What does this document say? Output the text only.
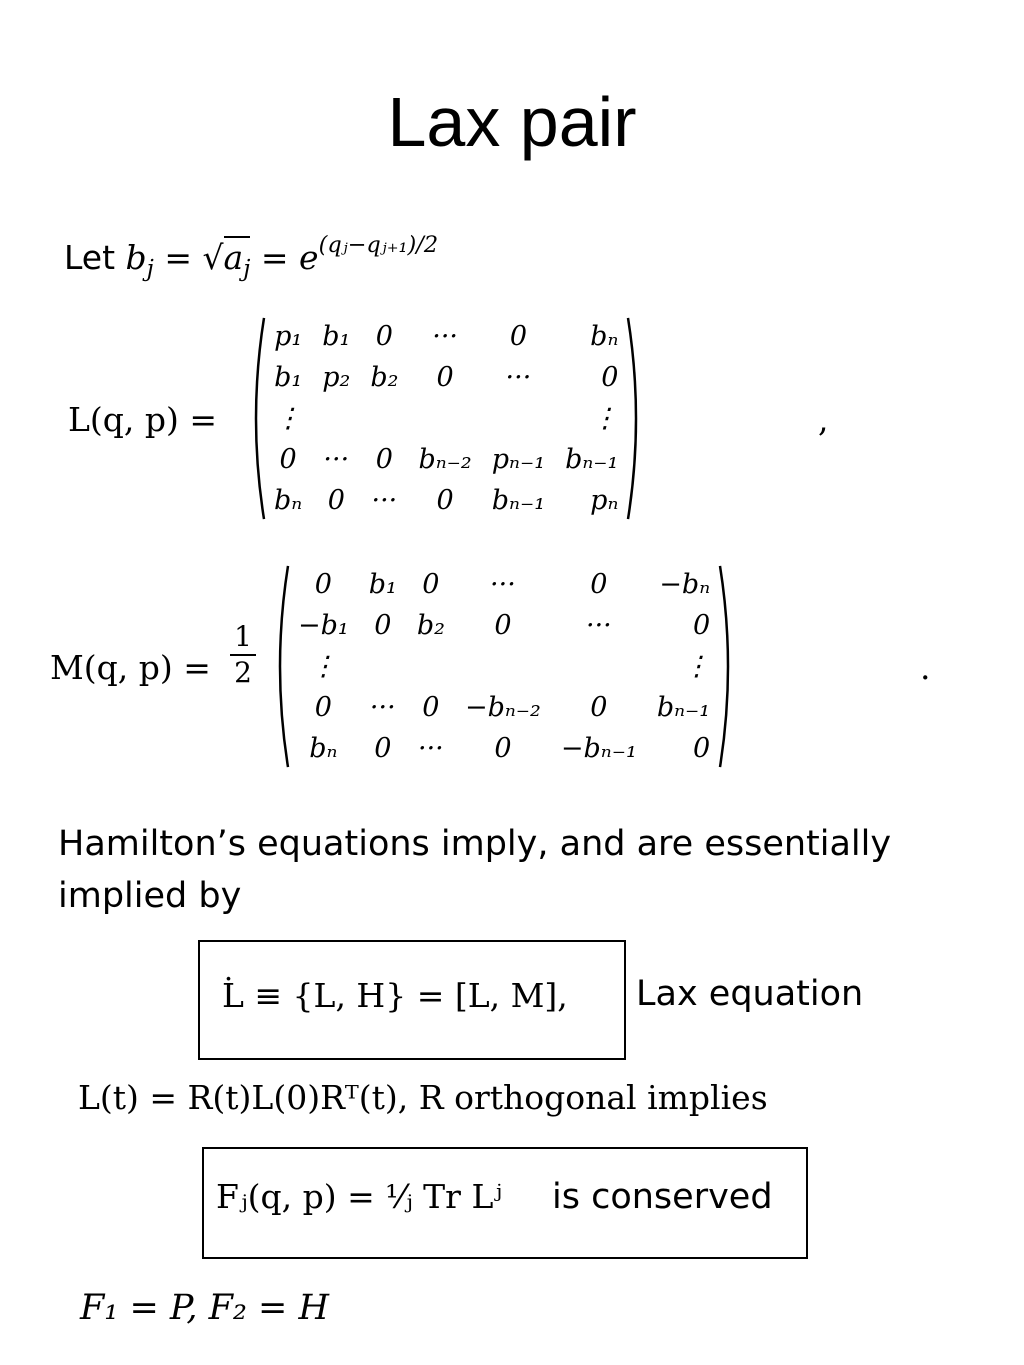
Lax pair
Let $b_j = √a_j = e^{(qⱼ-qⱼ_{+1})/2}$
L(q, p) =
p₁	b₁	0	···	0	bₙ
b₁	p₂	b₂	0	···	0
⋮					⋮
0	···	0	bₙ₋₂	pₙ₋₁	bₙ₋₁
bₙ	0	···	0	bₙ₋₁	pₙ
,
M(q, p) =
1
2
0	b₁	0	···	0	−bₙ
−b₁	0	b₂	0	···	0
⋮					⋮
0	···	0	−bₙ₋₂	0	bₙ₋₁
bₙ	0	···	0	−bₙ₋₁	0
.
Hamilton’s equations imply, and are essentially implied by
L̇ ≡ {L, H} = [L, M], Lax equation
L(t) = R(t)L(0)Rᵀ(t), R orthogonal implies
Fⱼ(q, p) = ¹⁄ⱼ Tr Lʲ is conserved
F₁ = P, F₂ = H
